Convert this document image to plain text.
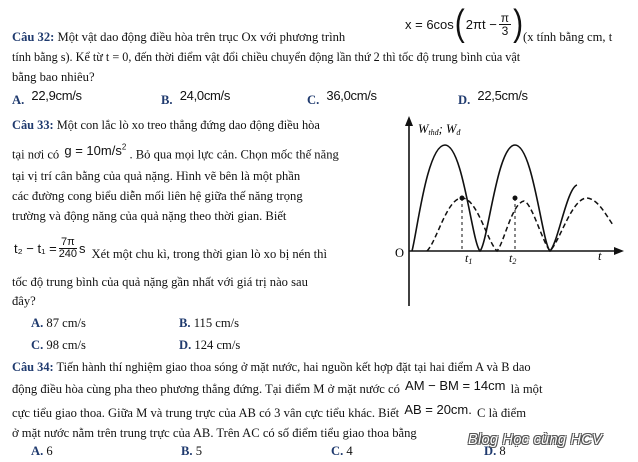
Câu 32: Một vật dao động điều hòa trên trục Ox với phương trình
x = 6cos ( $2\pi t - \frac{\pi}{3}$ ) (x tính bằng cm, t
tính bằng s). Kể từ t = 0, đến thời điểm vật đổi chiều chuyển động lần thứ 2 thì tốc độ trung bình của vật
bằng bao nhiêu?
A. 22,9cm/s	B. 24,0cm/s	C. 36,0cm/s	D. 22,5cm/s
Câu 33: Một con lắc lò xo treo thẳng đứng dao động điều hòa
tại nơi có $g = 10m/s^2$ . Bỏ qua mọi lực cản. Chọn mốc thế năng
tại vị trí cân bằng của quả nặng. Hình vẽ bên là một phần
các đường cong biểu diễn mối liên hệ giữa thế năng trọng
trường và động năng của quả nặng theo thời gian. Biết
$t_2 - t_1 = \frac{7\pi}{240}$ s Xét một chu kì, trong thời gian lò xo bị nén thì
tốc độ trung bình của quả nặng gần nhất với giá trị nào sau
đây?
A. 87 cm/s	B. 115 cm/s
C. 98 cm/s	D. 124 cm/s
Wthđ; Wđ
O	t1	t2	t
Câu 34: Tiến hành thí nghiệm giao thoa sóng ở mặt nước, hai nguồn kết hợp đặt tại hai điểm A và B dao
động điều hòa cùng pha theo phương thẳng đứng. Tại điểm M ở mặt nước có AM − BM = 14cm là một
cực tiểu giao thoa. Giữa M và trung trực của AB có 3 vân cực tiểu khác. Biết AB = 20cm. C là điểm
ở mặt nước nằm trên trung trực của AB. Trên AC có số điểm tiểu giao thoa bằng
A. 6	B. 5	C. 4	D. 8
Blog Học cùng HCV
